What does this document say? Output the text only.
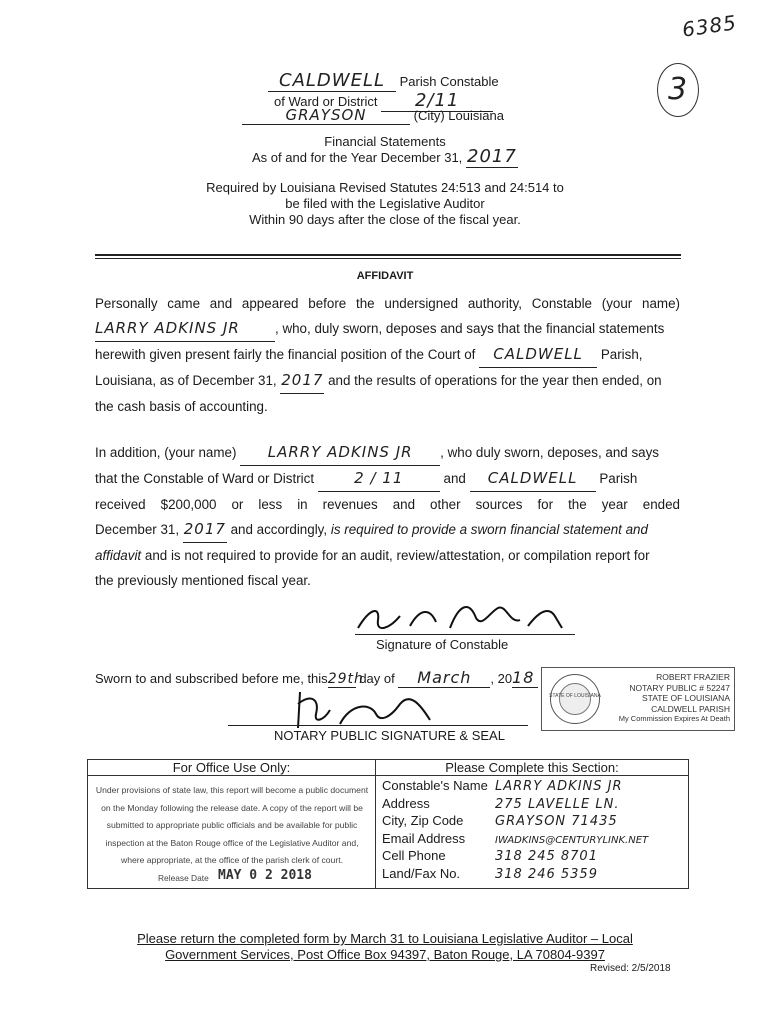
6385
3
CALDWELL Parish Constable
of Ward or District 2/11
GRAYSON	(City) Louisiana
Financial Statements
As of and for the Year December 31, 2017
Required by Louisiana Revised Statutes 24:513 and 24:514 to
be filed with the Legislative Auditor
Within 90 days after the close of the fiscal year.
AFFIDAVIT
Personally came and appeared before the undersigned authority, Constable (your name)
LARRY ADKINS JR	, who, duly sworn, deposes and says that the financial statements
herewith given present fairly the financial position of the Court of CALDWELL Parish,
Louisiana, as of December 31, 2017 and the results of operations for the year then ended, on
the cash basis of accounting.
In addition, (your name) LARRY ADKINS JR , who duly sworn, deposes, and says
that the Constable of Ward or District	2 / 11	and CALDWELL Parish
received $200,000 or less in revenues and other sources for the year ended
December 31, 2017 and accordingly, is required to provide a sworn financial statement and
affidavit and is not required to provide for an audit, review/attestation, or compilation report for
the previously mentioned fiscal year.
Signature of Constable
Sworn to and subscribed before me, this29th day of March , 2018
NOTARY PUBLIC SIGNATURE & SEAL
STATE OF LOUISIANA
ROBERT FRAZIER
NOTARY PUBLIC # 52247
STATE OF LOUISIANA
CALDWELL PARISH
My Commission Expires At Death
For Office Use Only:	Please Complete this Section:
Under provisions of state law, this report will become a public document on the Monday following the release date. A copy of the report will be submitted to appropriate public officials and be available for public inspection at the Baton Rouge office of the Legislative Auditor and, where appropriate, at the office of the parish clerk of court.
Release Date MAY 0 2 2018
Constable's Name LARRY ADKINS JR
Address	275 LAVELLE LN.
City, Zip Code GRAYSON 71435
Email Address	IWADKINS@CENTURYLINK.NET
Cell Phone	318 245 8701
Land/Fax No.	318 246 5359
Please return the completed form by March 31 to Louisiana Legislative Auditor – Local
Government Services, Post Office Box 94397, Baton Rouge, LA 70804-9397
Revised: 2/5/2018
